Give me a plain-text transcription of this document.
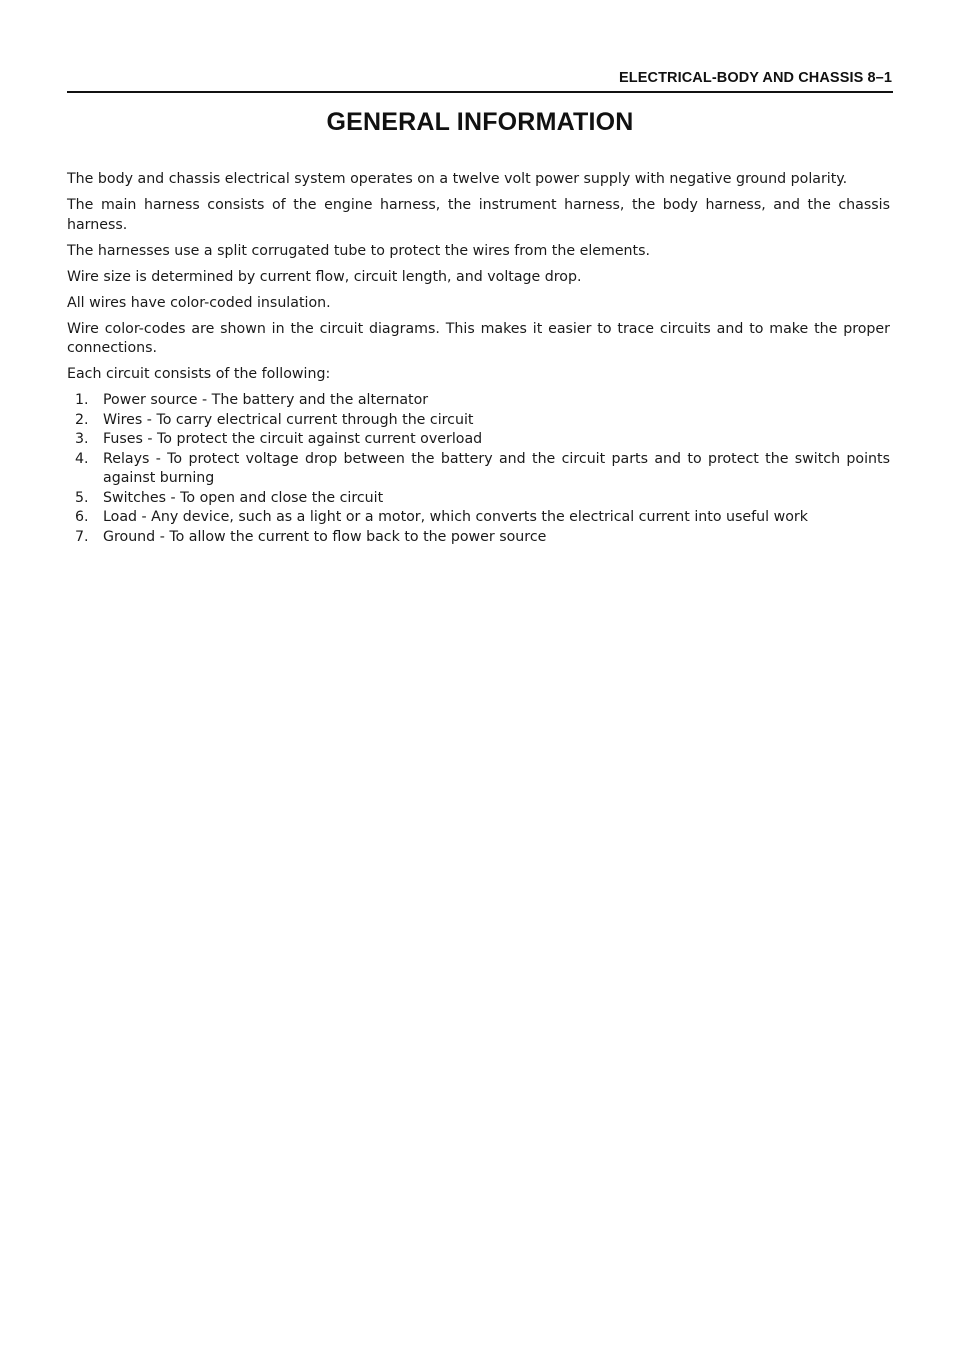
ELECTRICAL-BODY AND CHASSIS 8–1
GENERAL INFORMATION

The body and chassis electrical system operates on a twelve volt power supply with negative ground polarity.

The main harness consists of the engine harness, the instrument harness, the body harness, and the chassis harness.

The harnesses use a split corrugated tube to protect the wires from the elements.

Wire size is determined by current flow, circuit length, and voltage drop.

All wires have color-coded insulation.

Wire color-codes are shown in the circuit diagrams. This makes it easier to trace circuits and to make the proper connections.

Each circuit consists of the following:

1. Power source - The battery and the alternator
2. Wires - To carry electrical current through the circuit
3. Fuses - To protect the circuit against current overload
4. Relays - To protect voltage drop between the battery and the circuit parts and to protect the switch points against burning
5. Switches - To open and close the circuit
6. Load - Any device, such as a light or a motor, which converts the electrical current into useful work
7. Ground - To allow the current to flow back to the power source
